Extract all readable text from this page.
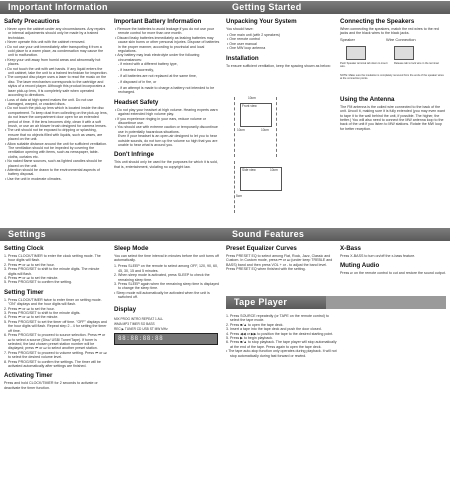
Important Information	Getting Started
Safety Precautions
• Never open the cabinet under any circumstances. Any repairs or internal adjustments should only be made by a trained technician.
• Never operate this unit with the cabinet removed.
• Do not use your unit immediately after transporting it from a cold place to a warm place, as condensation may cause the unit to malfunction.
• Keep your unit away from humid areas and abnormally hot places.
• Do not touch the unit with wet hands. If any liquid enters the unit cabinet, take the unit to a trained technician for inspection.
• The compact disc player uses a laser to read the music on the disc. The laser mechanism corresponds to the cartridge and stylus of a record player. Although this product incorporates a laser pick-up lens, it is completely safe when operated according to directions.
• Loss of data at high speed makes the unit. Do not use damaged, warped, or cracked discs.
• Do not touch the pick-up lens which is located inside the disc compartment. To keep dust from collecting on the pick-up lens, do not leave the compartment door open for an extended period of time. If the lens becomes dirty, clean it with a soft brush, or use an air blower brush designed for camera lenses.
• The unit should not be exposed to dripping or splashing, ensure that no objects filled with liquids, such as vases, are placed on the unit.
• Allow suitable distance around the unit for sufficient ventilation. The ventilation should not be impeded by covering the ventilation opening with items, such as newspaper, table-cloths, curtains etc.
• No naked flame sources, such as lighted candles should be placed on the unit.
• Attention should be drawn to the environmental aspects of battery disposal.
• Use the unit in moderate climates.
Important Battery Information
• Remove the batteries to avoid leakage if you do not use your remote control for more than one month.
• Discard leaky batteries immediately as leaking batteries may cause skin burns or other personal injuries. Dispose of batteries in the proper manner, according to provincial and local regulations.
• Any battery may leak electrolyte under the following circumstances:
- if mixed with a different battery type,
- if inserted incorrectly,
- if all batteries are not replaced at the same time,
- if disposed of in fire, or
- if an attempt is made to charge a battery not intended to be recharged.
Headset Safety
• Do not play your headset at high volume. Hearing experts warn against extended high volume play.
• If you experience ringing in your ears, reduce volume or discontinue use.
• You should use with extreme caution or temporarily discontinue use in potentially hazardous situations.
Even if your headset is an open-air designed to let you to hear outside sounds, do not turn up the volume so high that you are unable to hear what is around you.
Don't Infringe
This unit should only be used for the purposes for which it is sold, that is, entertainment, violating no copyright law.
Unpacking Your System
You should have:
• One main unit (with 2 speakers)
• One remote control
• One user manual
• One MW loop antenna
Installation
To ensure sufficient ventilation, keep the spacing shown as below:
Front view
10cm	10cm
10cm
Side view	10cm
5cm
Connecting the Speakers
When connecting the speakers, match the red wires to the red jacks and the black wires to the black jacks.
Speaker	Wire Connection
Push Speaker terminal tab down to insert wire.
Release tab to lock wire in the terminal.
NOTE: Make sure the insulation is completely removed from the ends of the speaker wires at the connection points.
Using the Antenna
The FM antenna is the coiled wire connected to the back of the unit. Uncoil it, making sure it is fully extended (you may even want to tape it to the wall behind the unit, if possible. The higher, the better.) You will also need to connect the MW antenna loop to the back of the unit if you listen to MW stations. Rotate the MW loop for better reception.
Settings	Sound Features
Setting Clock
1. Press CLOCK/TIMER to enter the clock setting mode. The hour digits will flash.
2. Press ⏮ or ⏭ to set the hour.
3. Press PROG/SET to shift to the minute digits. The minute digits will flash.
4. Press ⏮ or ⏭ to set the minute.
5. Press PROG/SET to confirm the setting.
Setting Timer
1. Press CLOCK/TIMER twice to enter timer on setting mode. "ON" displays and the hour digits will flash.
2. Press ⏮ or ⏭ to set the hour.
3. Press PROG/SET to shift to the minute digits.
4. Press ⏮ or ⏭ to set the minute.
5. Press PROG/SET to set the timer off time. "OFF" displays and the hour digits will flash. Repeat step 2 - 4 for setting the timer off time.
6. Press PROG/SET to proceed to source selection. Press ⏮ or ⏭ to select a source (Disc/ USB/ Tuner/Tape). If tuner is selected, the last chosen preset station number will be displayed; press ⏮ or ⏭ to select another preset station.
7. Press PROG/SET to proceed to volume setting. Press ⏮ or ⏭ to select the desired volume level.
8. Press PROG/SET to confirm the settings. The timer will be activated automatically after settings are finished.
Activating Timer
Press and hold CLOCK/TIMER for 2 seconds to activate or deactivate the timer function.
Sleep Mode
You can select the time interval in minutes before the unit turns off automatically.
1. Press SLEEP on the remote to select among OFF, 120, 90, 60, 45, 30, 15 and 5 minutes.
2. When sleep mode is activated, press SLEEP to check the remaining sleep time.
3. Press SLEEP again when the remaining sleep time is displayed to change the sleep time.
• Sleep mode will automatically be activated when the unit is switched off.
Display
MIX PROG INTRO REPEAT 1 ALL
WMA MP3 TIMER SO BASS
REC ▶ TUNER CD USB ST MW MHz
88:88:88:88
Preset Equalizer Curves
Press PRESET EQ to select among Flat, Rock, Jazz, Classic and Custom. In Custom mode, press ⏮ or ⏭ (under keep TREBLE and BASS) band and then press VOL + or - to adjust the band level. Press PRESET EQ when finished with the setting.
X-Bass
Press X-BASS to turn on/off the x-bass feature.
Muting Audio
Press ⏯ on the remote control to cut and restore the sound output.
Tape Player
1. Press SOURCE repeatedly (or TAPE on the remote control) to select the tape mode.
2. Press ■/▲ to open the tape deck.
3. Insert a tape into the tape deck and push the door closed.
4. Press ◀◀ or ▶▶ to position the tape to the desired starting point.
5. Press ▶ to begin playback.
6. Press ■/▲ to stop playback. The tape player will stop automatically at the end of the tape. Press again to open the tape deck.
• The tape auto-stop function only operates during playback. It will not stop automatically during fast forward or rewind.
